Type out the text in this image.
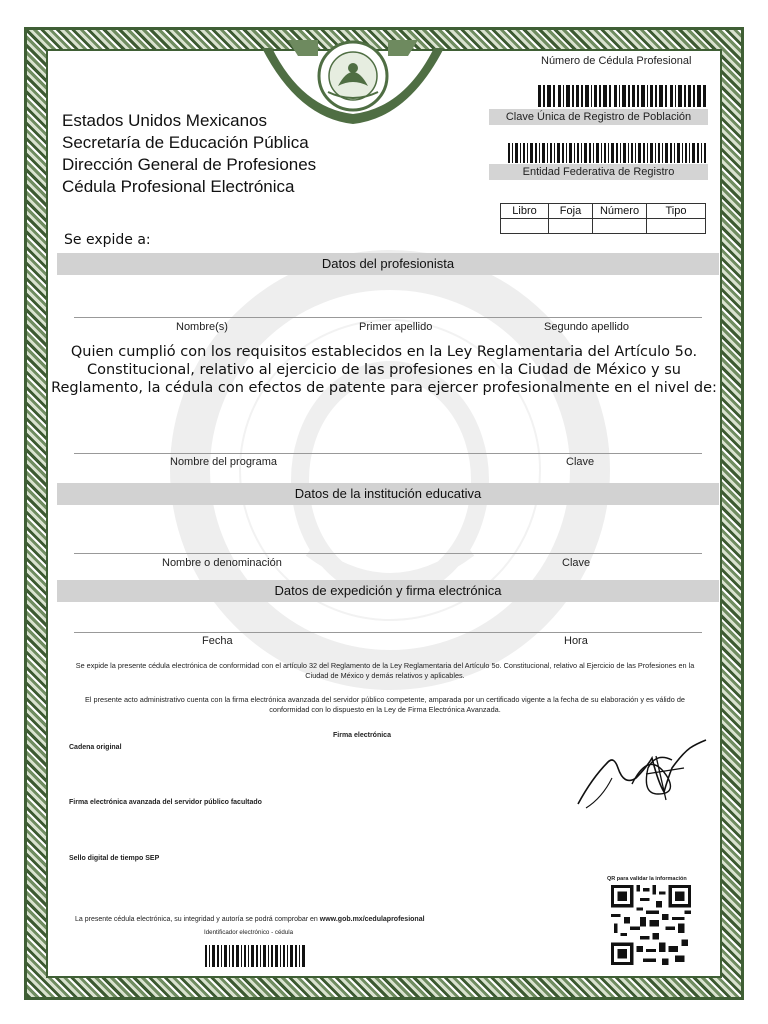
Estados Unidos Mexicanos
Secretaría de Educación Pública
Dirección General de Profesiones
Cédula Profesional Electrónica
Número de Cédula Profesional
Clave Única de Registro de Población
Entidad Federativa de Registro
Libro	Foja	Número	Tipo

Se expide a:
Datos del profesionista
Nombre(s)	Primer apellido	Segundo apellido
Quien cumplió con los requisitos establecidos en la Ley Reglamentaria del Artículo 5o. Constitucional, relativo al ejercicio de las profesiones en la Ciudad de México y su Reglamento, la cédula con efectos de patente para ejercer profesionalmente en el nivel de:
Nombre del programa	Clave
Datos de la institución educativa
Nombre o denominación	Clave
Datos de expedición y firma electrónica
Fecha	Hora
Se expide la presente cédula electrónica de conformidad con el artículo 32 del Reglamento de la Ley Reglamentaria del Artículo 5o. Constitucional, relativo al Ejercicio de las Profesiones en la Ciudad de México y demás relativos y aplicables.
El presente acto administrativo cuenta con la firma electrónica avanzada del servidor público competente, amparada por un certificado vigente a la fecha de su elaboración y es válido de conformidad con lo dispuesto en la Ley de Firma Electrónica Avanzada.
Firma electrónica
Cadena original
Firma electrónica avanzada del servidor público facultado
Sello digital de tiempo SEP
QR para validar la información
La presente cédula electrónica, su integridad y autoría se podrá comprobar en www.gob.mx/cedulaprofesional
Identificador electrónico - cédula
